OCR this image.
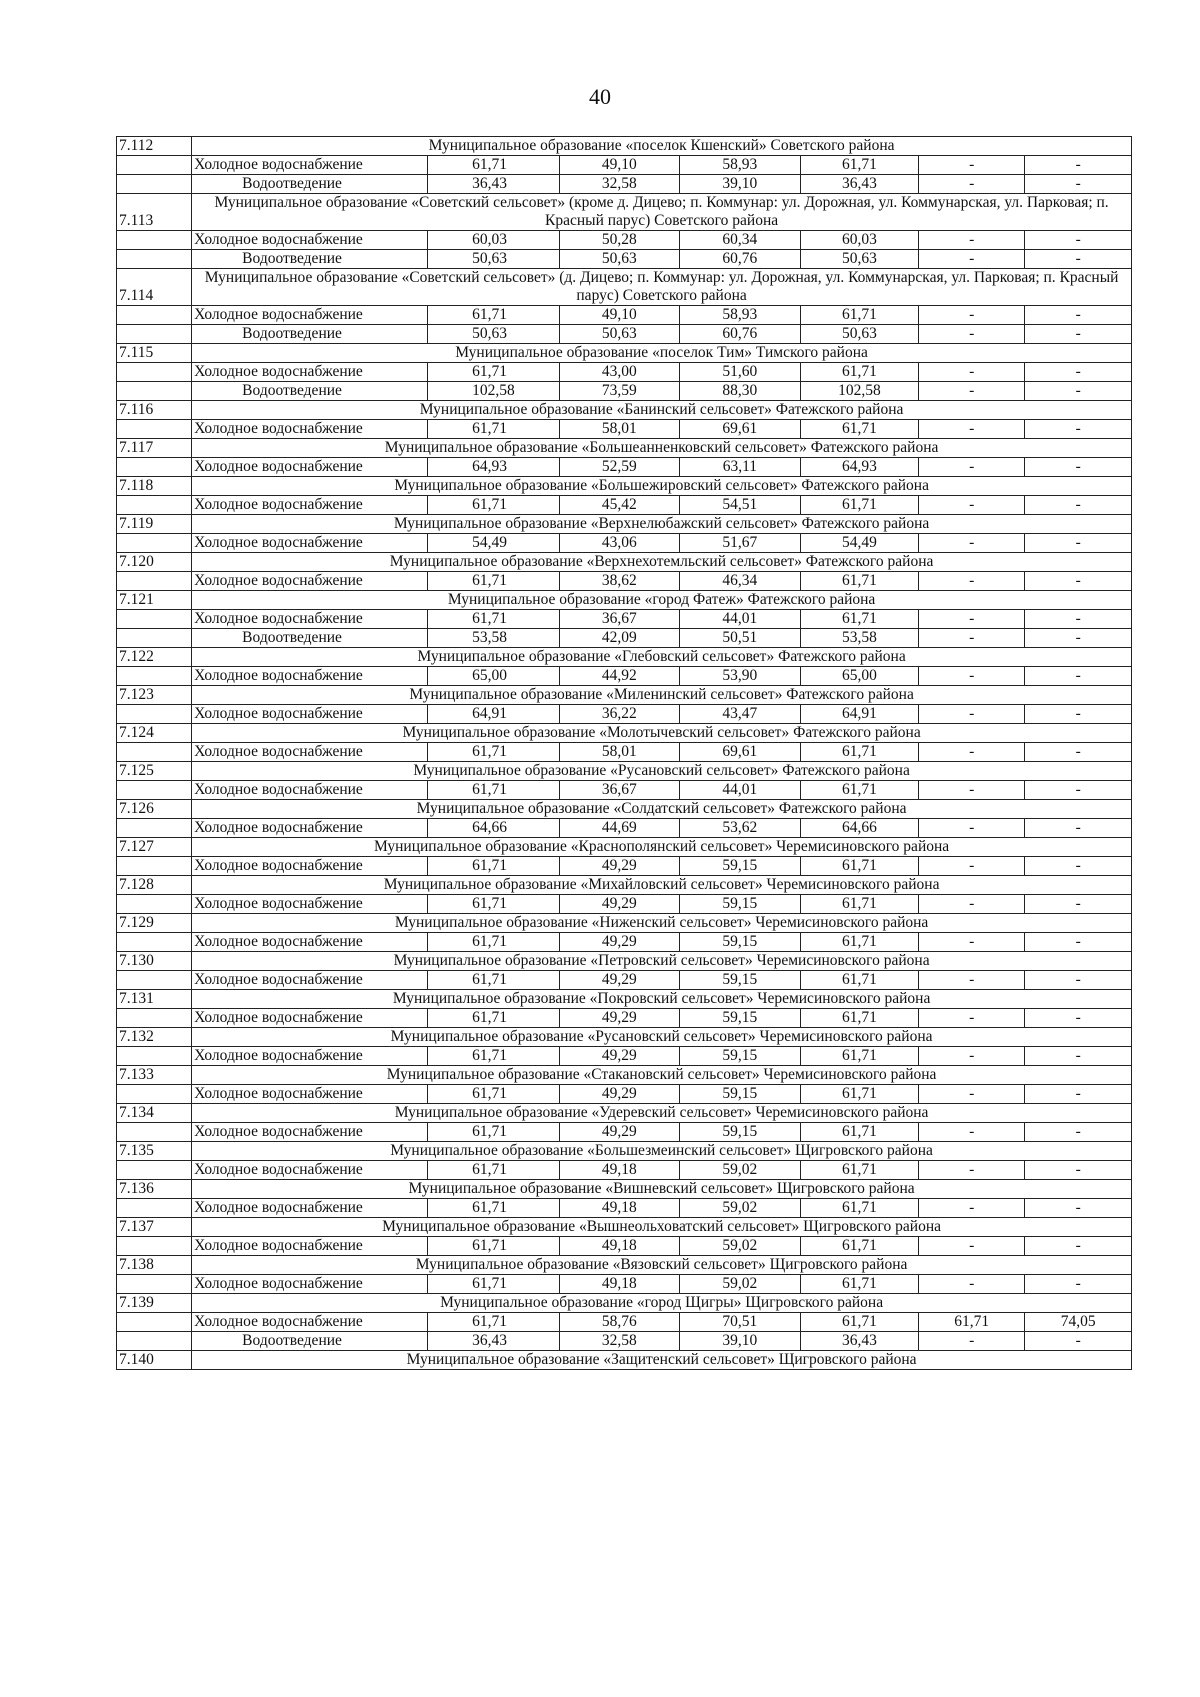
40
7.112	Муниципальное образование «поселок Кшенский» Советского района						
	Холодное водоснабжение	61,71	49,10	58,93	61,71	-	-
	Водоотведение	36,43	32,58	39,10	36,43	-	-
7.113	Муниципальное образование «Советский сельсовет» (кроме д. Дицево; п. Коммунар: ул. Дорожная, ул. Коммунарская, ул. Парковая; п. Красный парус) Советского района						
	Холодное водоснабжение	60,03	50,28	60,34	60,03	-	-
	Водоотведение	50,63	50,63	60,76	50,63	-	-
7.114	Муниципальное образование «Советский сельсовет» (д. Дицево; п. Коммунар: ул. Дорожная, ул. Коммунарская, ул. Парковая; п. Красный парус) Советского района						
	Холодное водоснабжение	61,71	49,10	58,93	61,71	-	-
	Водоотведение	50,63	50,63	60,76	50,63	-	-
7.115	Муниципальное образование «поселок Тим» Тимского района						
	Холодное водоснабжение	61,71	43,00	51,60	61,71	-	-
	Водоотведение	102,58	73,59	88,30	102,58	-	-
7.116	Муниципальное образование «Банинский сельсовет» Фатежского района						
	Холодное водоснабжение	61,71	58,01	69,61	61,71	-	-
7.117	Муниципальное образование «Большеанненковский сельсовет» Фатежского района						
	Холодное водоснабжение	64,93	52,59	63,11	64,93	-	-
7.118	Муниципальное образование «Большежировский сельсовет» Фатежского района						
	Холодное водоснабжение	61,71	45,42	54,51	61,71	-	-
7.119	Муниципальное образование «Верхнелюбажский сельсовет» Фатежского района						
	Холодное водоснабжение	54,49	43,06	51,67	54,49	-	-
7.120	Муниципальное образование «Верхнехотемльский сельсовет» Фатежского района						
	Холодное водоснабжение	61,71	38,62	46,34	61,71	-	-
7.121	Муниципальное образование «город Фатеж» Фатежского района						
	Холодное водоснабжение	61,71	36,67	44,01	61,71	-	-
	Водоотведение	53,58	42,09	50,51	53,58	-	-
7.122	Муниципальное образование «Глебовский сельсовет» Фатежского района						
	Холодное водоснабжение	65,00	44,92	53,90	65,00	-	-
7.123	Муниципальное образование «Миленинский сельсовет» Фатежского района						
	Холодное водоснабжение	64,91	36,22	43,47	64,91	-	-
7.124	Муниципальное образование «Молотычевский сельсовет» Фатежского района						
	Холодное водоснабжение	61,71	58,01	69,61	61,71	-	-
7.125	Муниципальное образование «Русановский сельсовет» Фатежского района						
	Холодное водоснабжение	61,71	36,67	44,01	61,71	-	-
7.126	Муниципальное образование «Солдатский сельсовет» Фатежского района						
	Холодное водоснабжение	64,66	44,69	53,62	64,66	-	-
7.127	Муниципальное образование «Краснополянский сельсовет» Черемисиновского района						
	Холодное водоснабжение	61,71	49,29	59,15	61,71	-	-
7.128	Муниципальное образование «Михайловский сельсовет» Черемисиновского района						
	Холодное водоснабжение	61,71	49,29	59,15	61,71	-	-
7.129	Муниципальное образование «Ниженский сельсовет» Черемисиновского района						
	Холодное водоснабжение	61,71	49,29	59,15	61,71	-	-
7.130	Муниципальное образование «Петровский сельсовет» Черемисиновского района						
	Холодное водоснабжение	61,71	49,29	59,15	61,71	-	-
7.131	Муниципальное образование «Покровский сельсовет» Черемисиновского района						
	Холодное водоснабжение	61,71	49,29	59,15	61,71	-	-
7.132	Муниципальное образование «Русановский сельсовет» Черемисиновского района						
	Холодное водоснабжение	61,71	49,29	59,15	61,71	-	-
7.133	Муниципальное образование «Стакановский сельсовет» Черемисиновского района						
	Холодное водоснабжение	61,71	49,29	59,15	61,71	-	-
7.134	Муниципальное образование «Удеревский сельсовет» Черемисиновского района						
	Холодное водоснабжение	61,71	49,29	59,15	61,71	-	-
7.135	Муниципальное образование «Большезмеинский сельсовет» Щигровского района						
	Холодное водоснабжение	61,71	49,18	59,02	61,71	-	-
7.136	Муниципальное образование «Вишневский сельсовет» Щигровского района						
	Холодное водоснабжение	61,71	49,18	59,02	61,71	-	-
7.137	Муниципальное образование «Вышнеольховатский сельсовет» Щигровского района						
	Холодное водоснабжение	61,71	49,18	59,02	61,71	-	-
7.138	Муниципальное образование «Вязовский сельсовет» Щигровского района						
	Холодное водоснабжение	61,71	49,18	59,02	61,71	-	-
7.139	Муниципальное образование «город Щигры» Щигровского района						
	Холодное водоснабжение	61,71	58,76	70,51	61,71	61,71	74,05
	Водоотведение	36,43	32,58	39,10	36,43	-	-
7.140	Муниципальное образование «Защитенский сельсовет» Щигровского района						
